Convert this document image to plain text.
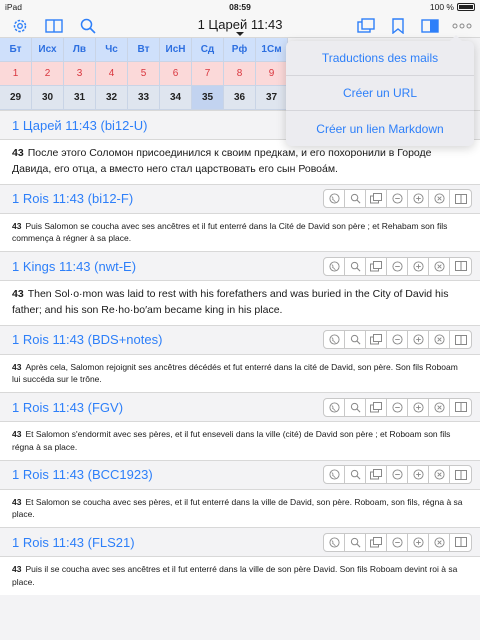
iPad	08:59	100 %
1 Царей 11:43
Бт	Исх	Лв	Чс	Вт	ИсН	Сд	Рф	1См
1	2	3	4	5	6	7	8	9
29	30	31	32	33	34	35	36	37
1 Царей 11:43 (bi12-U)
43 После этого Соломон присоединился к своим предкам, и его похоронили в Городе Давида, его отца, а вместо него стал царствовать его сын Ровоа́м.
1 Rois 11:43 (bi12-F)
43 Puis Salomon se coucha avec ses ancêtres et il fut enterré dans la Cité de David son père ; et Rehabam son fils commença à régner à sa place.
1 Kings 11:43 (nwt-E)
43 Then Sol·o·mon was laid to rest with his forefathers and was buried in the City of David his father; and his son Re·ho·bo′am became king in his place.
1 Rois 11:43 (BDS+notes)
43 Après cela, Salomon rejoignit ses ancêtres décédés et fut enterré dans la cité de David, son père. Son fils Roboam lui succéda sur le trône.
1 Rois 11:43 (FGV)
43 Et Salomon s'endormit avec ses pères, et il fut enseveli dans la ville (cité) de David son père ; et Roboam son fils régna à sa place.
1 Rois 11:43 (BCC1923)
43 Et Salomon se coucha avec ses pères, et il fut enterré dans la ville de David, son père. Roboam, son fils, régna à sa place.
1 Rois 11:43 (FLS21)
43 Puis il se coucha avec ses ancêtres et il fut enterré dans la ville de son père David. Son fils Roboam devint roi à sa place.
Traductions des mails
Créer un URL
Créer un lien Markdown
